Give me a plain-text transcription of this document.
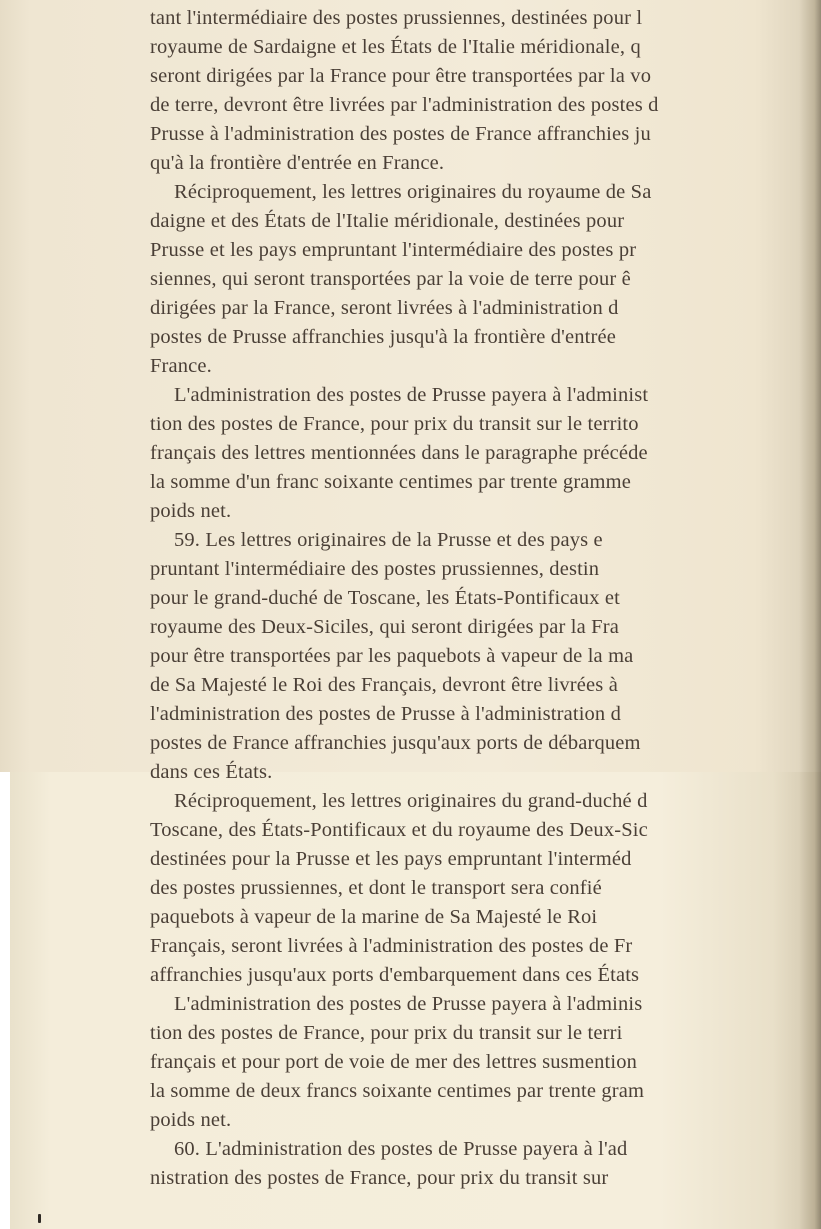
tant l'intermédiaire des postes prussiennes, destinées pour l
royaume de Sardaigne et les États de l'Italie méridionale, q
seront dirigées par la France pour être transportées par la vo
de terre, devront être livrées par l'administration des postes d
Prusse à l'administration des postes de France affranchies ju
qu'à la frontière d'entrée en France.
Réciproquement, les lettres originaires du royaume de Sa
daigne et des États de l'Italie méridionale, destinées pour
Prusse et les pays empruntant l'intermédiaire des postes pr
siennes, qui seront transportées par la voie de terre pour ê
dirigées par la France, seront livrées à l'administration d
postes de Prusse affranchies jusqu'à la frontière d'entrée
France.
L'administration des postes de Prusse payera à l'administ
tion des postes de France, pour prix du transit sur le territo
français des lettres mentionnées dans le paragraphe précéde
la somme d'un franc soixante centimes par trente gramme
poids net.
59. Les lettres originaires de la Prusse et des pays e
pruntant l'intermédiaire des postes prussiennes, destin
pour le grand-duché de Toscane, les États-Pontificaux et
royaume des Deux-Siciles, qui seront dirigées par la Fra
pour être transportées par les paquebots à vapeur de la ma
de Sa Majesté le Roi des Français, devront être livrées à
l'administration des postes de Prusse à l'administration d
postes de France affranchies jusqu'aux ports de débarquem
dans ces États.
Réciproquement, les lettres originaires du grand-duché d
Toscane, des États-Pontificaux et du royaume des Deux-Sic
destinées pour la Prusse et les pays empruntant l'interméd
des postes prussiennes, et dont le transport sera confié
paquebots à vapeur de la marine de Sa Majesté le Roi
Français, seront livrées à l'administration des postes de Fr
affranchies jusqu'aux ports d'embarquement dans ces États
L'administration des postes de Prusse payera à l'adminis
tion des postes de France, pour prix du transit sur le terri
français et pour port de voie de mer des lettres susmention
la somme de deux francs soixante centimes par trente gram
poids net.
60. L'administration des postes de Prusse payera à l'ad
nistration des postes de France, pour prix du transit sur
